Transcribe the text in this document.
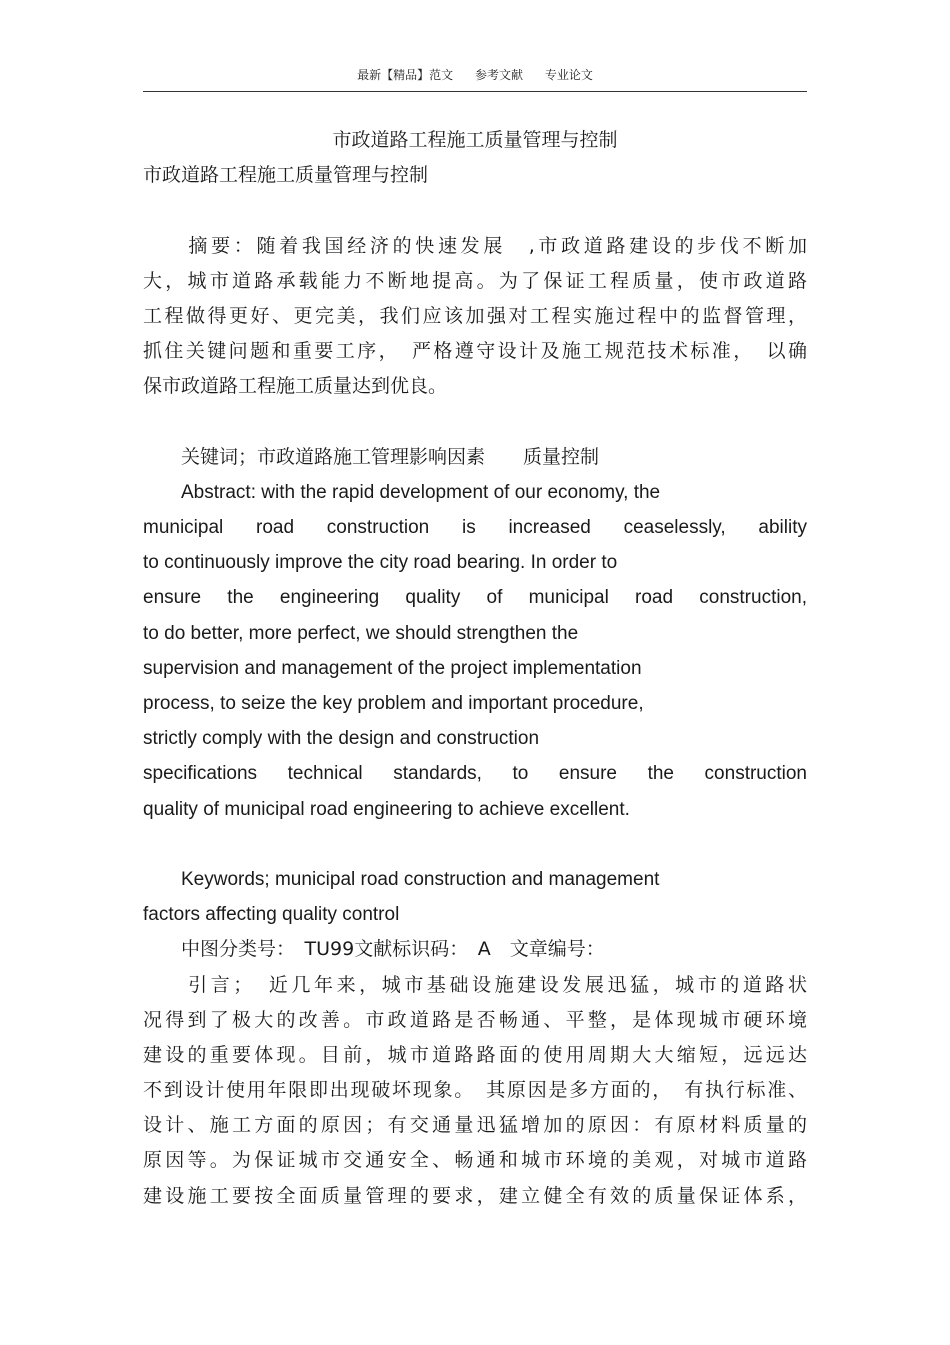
最新【精品】范文 参考文献 专业论文
市政道路工程施工质量管理与控制
市政道路工程施工质量管理与控制
　　摘要：随着我国经济的快速发展　,市政道路建设的步伐不断加
大，城市道路承载能力不断地提高。为了保证工程质量，使市政道路
工程做得更好、更完美，我们应该加强对工程实施过程中的监督管理，
抓住关键问题和重要工序，　严格遵守设计及施工规范技术标准，　以确
保市政道路工程施工质量达到优良。
　　关键词；市政道路施工管理影响因素　　质量控制
　　Abstract: with the rapid development of our economy, the
municipal road construction is increased ceaselessly, ability
to continuously improve the city road bearing. In order to
ensure the engineering quality of municipal road construction,
to do better, more perfect, we should strengthen the
supervision and management of the project implementation
process, to seize the key problem and important procedure,
strictly comply with the design and construction
specifications technical standards, to ensure the construction
quality of municipal road engineering to achieve excellent.
　　Keywords; municipal road construction and management
factors affecting quality control
　　中图分类号：　TU99文献标识码：　A　文章编号：
　　引言；　近几年来，城市基础设施建设发展迅猛，城市的道路状
况得到了极大的改善。市政道路是否畅通、平整，是体现城市硬环境
建设的重要体现。目前，城市道路路面的使用周期大大缩短，远远达
不到设计使用年限即出现破坏现象。　其原因是多方面的，　有执行标准、
设计、施工方面的原因；有交通量迅猛增加的原因：有原材料质量的
原因等。为保证城市交通安全、畅通和城市环境的美观，对城市道路
建设施工要按全面质量管理的要求，建立健全有效的质量保证体系，
